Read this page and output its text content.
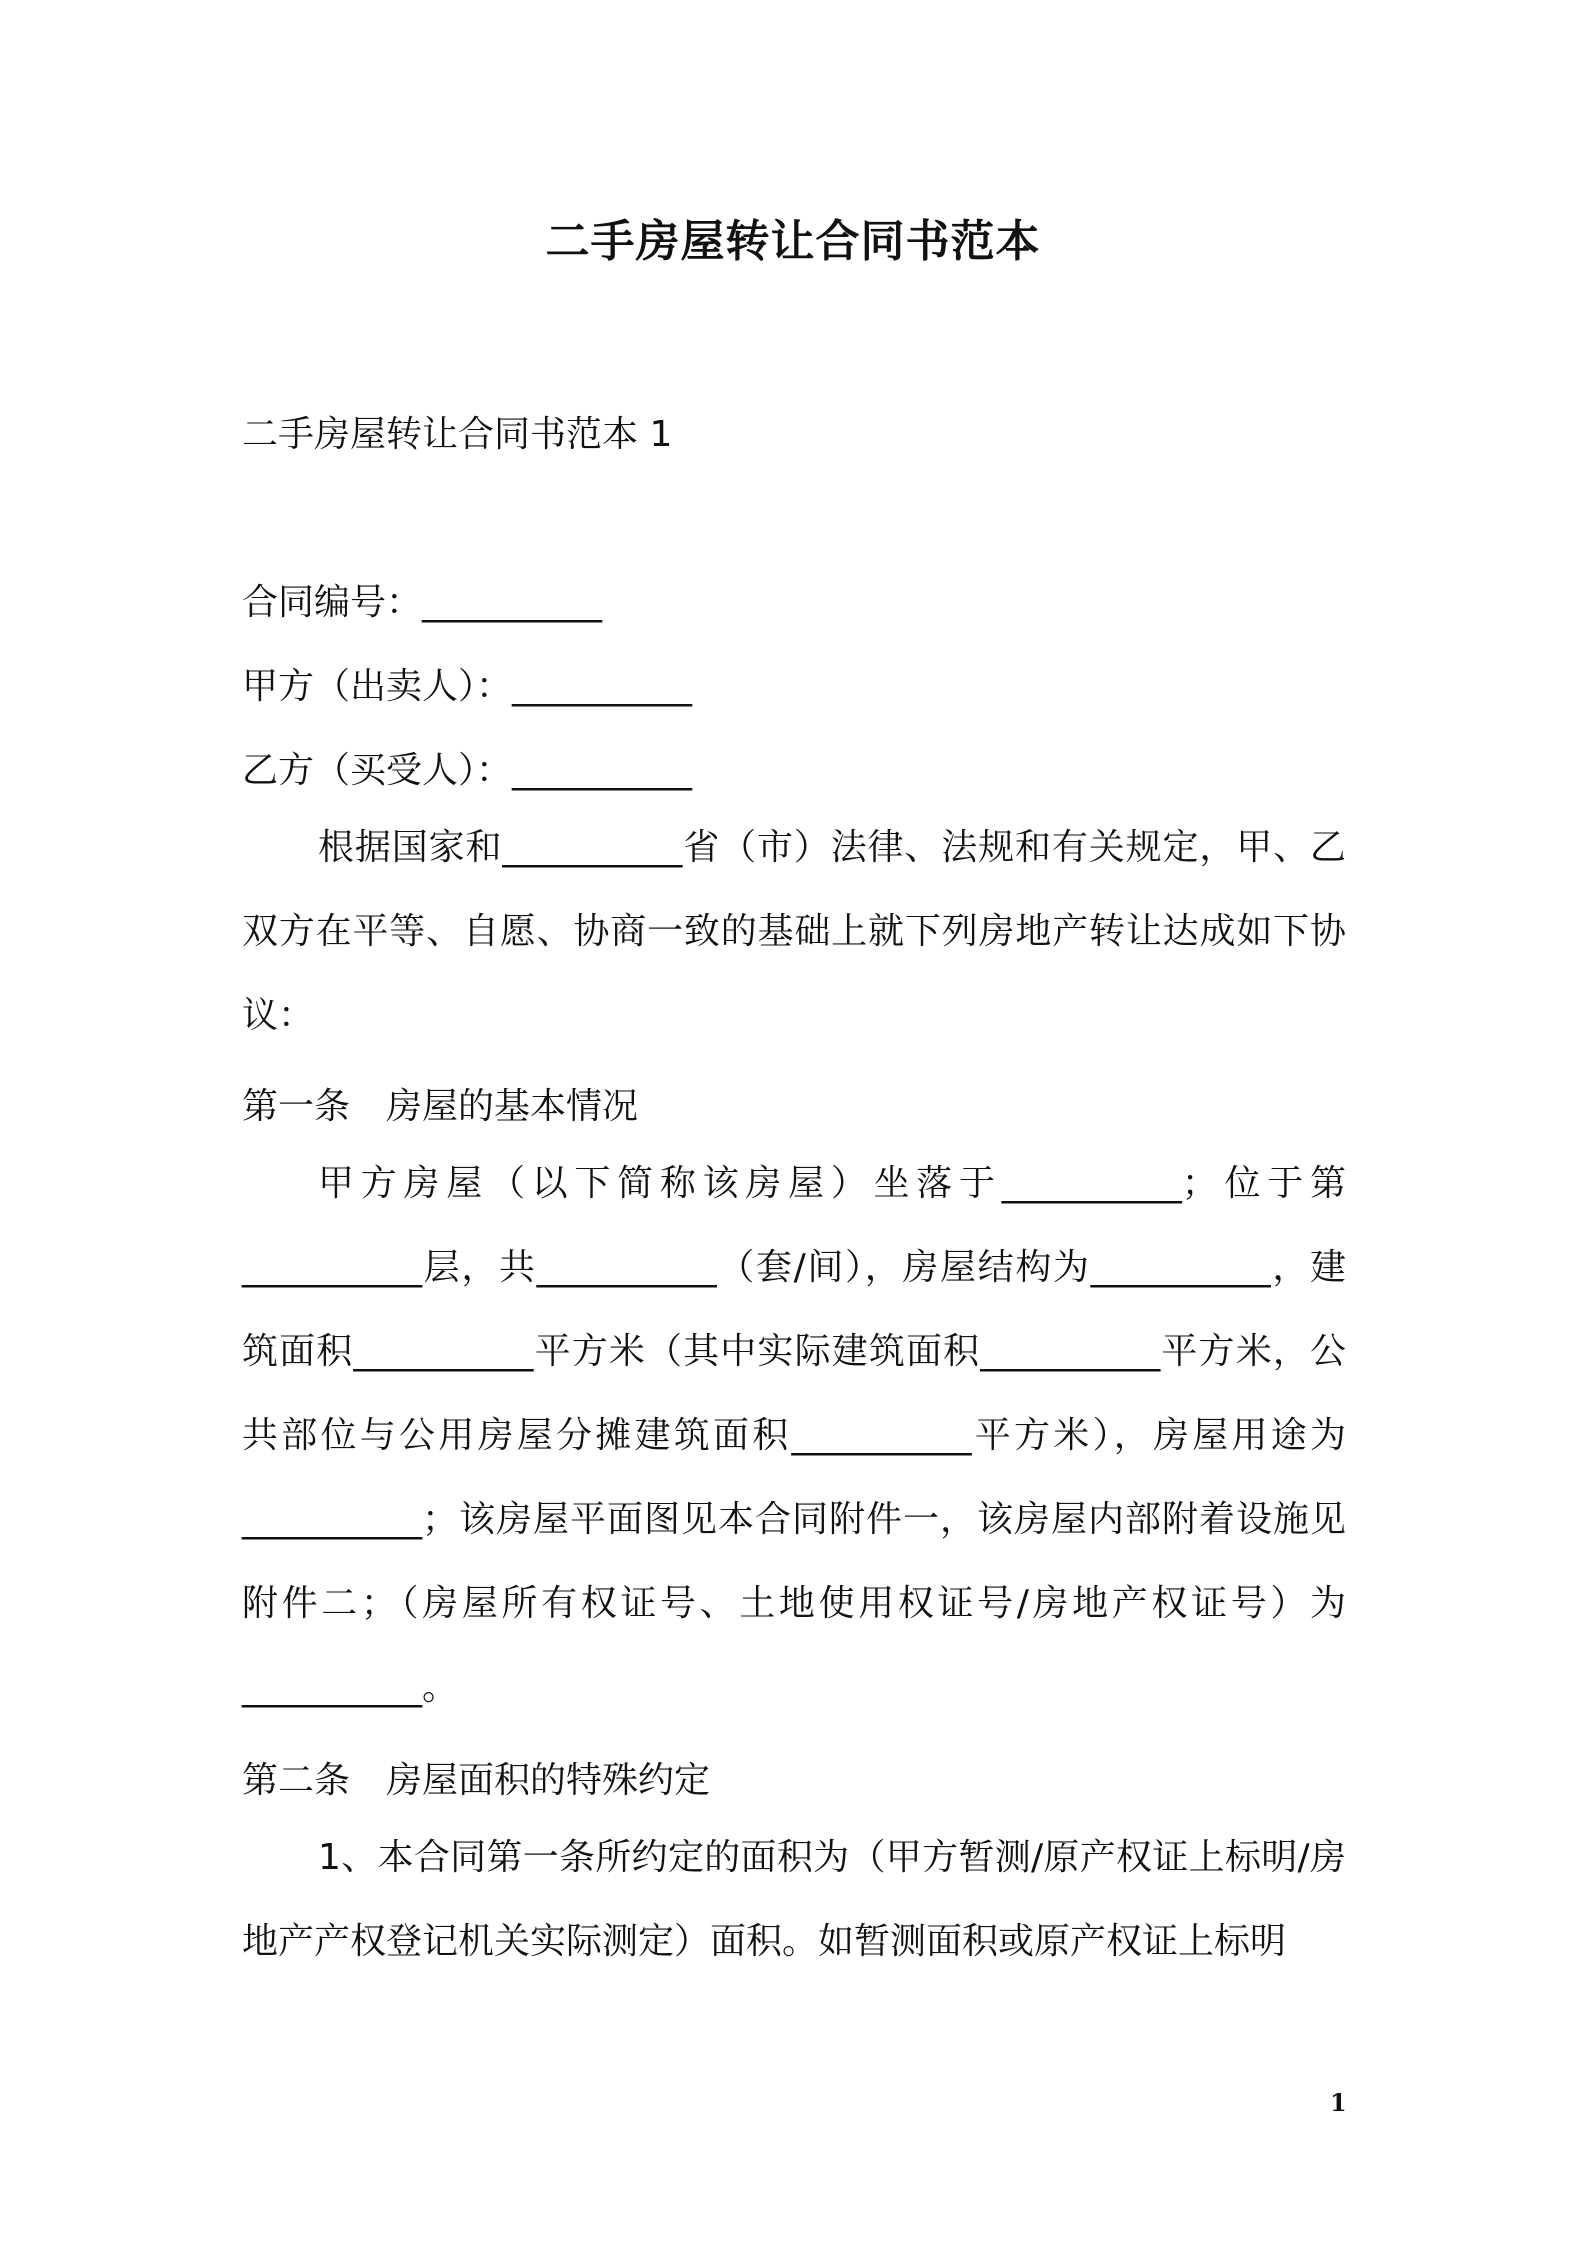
二手房屋转让合同书范本
二手房屋转让合同书范本 1
合同编号：__________
甲方（出卖人）：__________
乙方（买受人）：__________

根据国家和__________省（市）法律、法规和有关规定，甲、乙双方在平等、自愿、协商一致的基础上就下列房地产转让达成如下协议：

第一条　房屋的基本情况

甲方房屋（以下简称该房屋）坐落于__________；位于第__________层，共__________（套/间），房屋结构为__________，建筑面积__________平方米（其中实际建筑面积__________平方米，公共部位与公用房屋分摊建筑面积__________平方米），房屋用途为__________；该房屋平面图见本合同附件一，该房屋内部附着设施见附件二；（房屋所有权证号、土地使用权证号/房地产权证号）为__________。

第二条　房屋面积的特殊约定

1、本合同第一条所约定的面积为（甲方暂测/原产权证上标明/房地产产权登记机关实际测定）面积。如暂测面积或原产权证上标明

1
